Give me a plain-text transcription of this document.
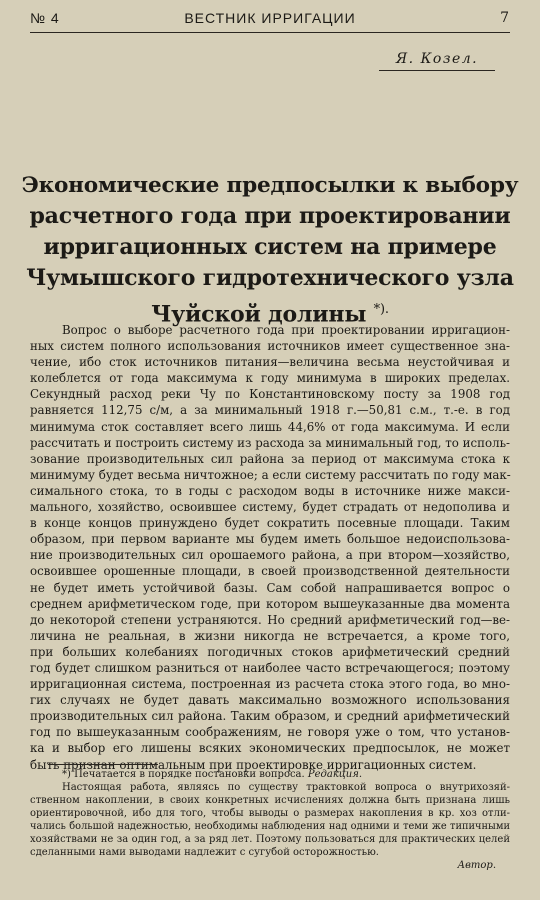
№ 4	ВЕСТНИК ИРРИГАЦИИ	7
Я. Козел.
Экономические предпосылки к выбору
расчетного года при проектировании
ирригационных систем на примере
Чумышского гидротехнического узла
Чуйской долины *).
Вопрос о выборе расчетного года при проектировании ирригацион-
ных систем полного использования источников имеет существенное зна-
чение, ибо сток источников питания—величина весьма неустойчивая и
колеблется от года максимума к году минимума в широких пределах.
Секундный расход реки Чу по Константиновскому посту за 1908 год
равняется 112,75 с/м, а за минимальный 1918 г.—50,81 с.м., т.-е. в год
минимума сток составляет всего лишь 44,6% от года максимума. И если
рассчитать и построить систему из расхода за минимальный год, то исполь-
зование производительных сил района за период от максимума стока к
минимуму будет весьма ничтожное; а если систему рассчитать по году мак-
симального стока, то в годы с расходом воды в источнике ниже макси-
мального, хозяйство, освоившее систему, будет страдать от недополива и
в конце концов принуждено будет сократить посевные площади. Таким
образом, при первом варианте мы будем иметь большое недоиспользова-
ние производительных сил орошаемого района, а при втором—хозяйство,
освоившее орошенные площади, в своей производственной деятельности
не будет иметь устойчивой базы. Сам собой напрашивается вопрос о
среднем арифметическом годе, при котором вышеуказанные два момента
до некоторой степени устраняются. Но средний арифметический год—ве-
личина не реальная, в жизни никогда не встречается, а кроме того,
при больших колебаниях погодичных стоков арифметический средний
год будет слишком разниться от наиболее часто встречающегося; поэтому
ирригационная система, построенная из расчета стока этого года, во мно-
гих случаях не будет давать максимально возможного использования
производительных сил района. Таким образом, и средний арифметический
год по вышеуказанным соображениям, не говоря уже о том, что установ-
ка и выбор его лишены всяких экономических предпосылок, не может
быть признан оптимальным при проектировке ирригационных систем.
*) Печатается в порядке постановки вопроса. Редакция.
Настоящая работа, являясь по существу трактовкой вопроса о внутрихозяй-
ственном накоплении, в своих конкретных исчислениях должна быть признана лишь
ориентировочной, ибо для того, чтобы выводы о размерах накопления в кр. хоз отли-
чались большой надежностью, необходимы наблюдения над одними и теми же типичными
хозяйствами не за один год, а за ряд лет. Поэтому пользоваться для практических целей
сделанными нами выводами надлежит с сугубой осторожностью.
Автор.
